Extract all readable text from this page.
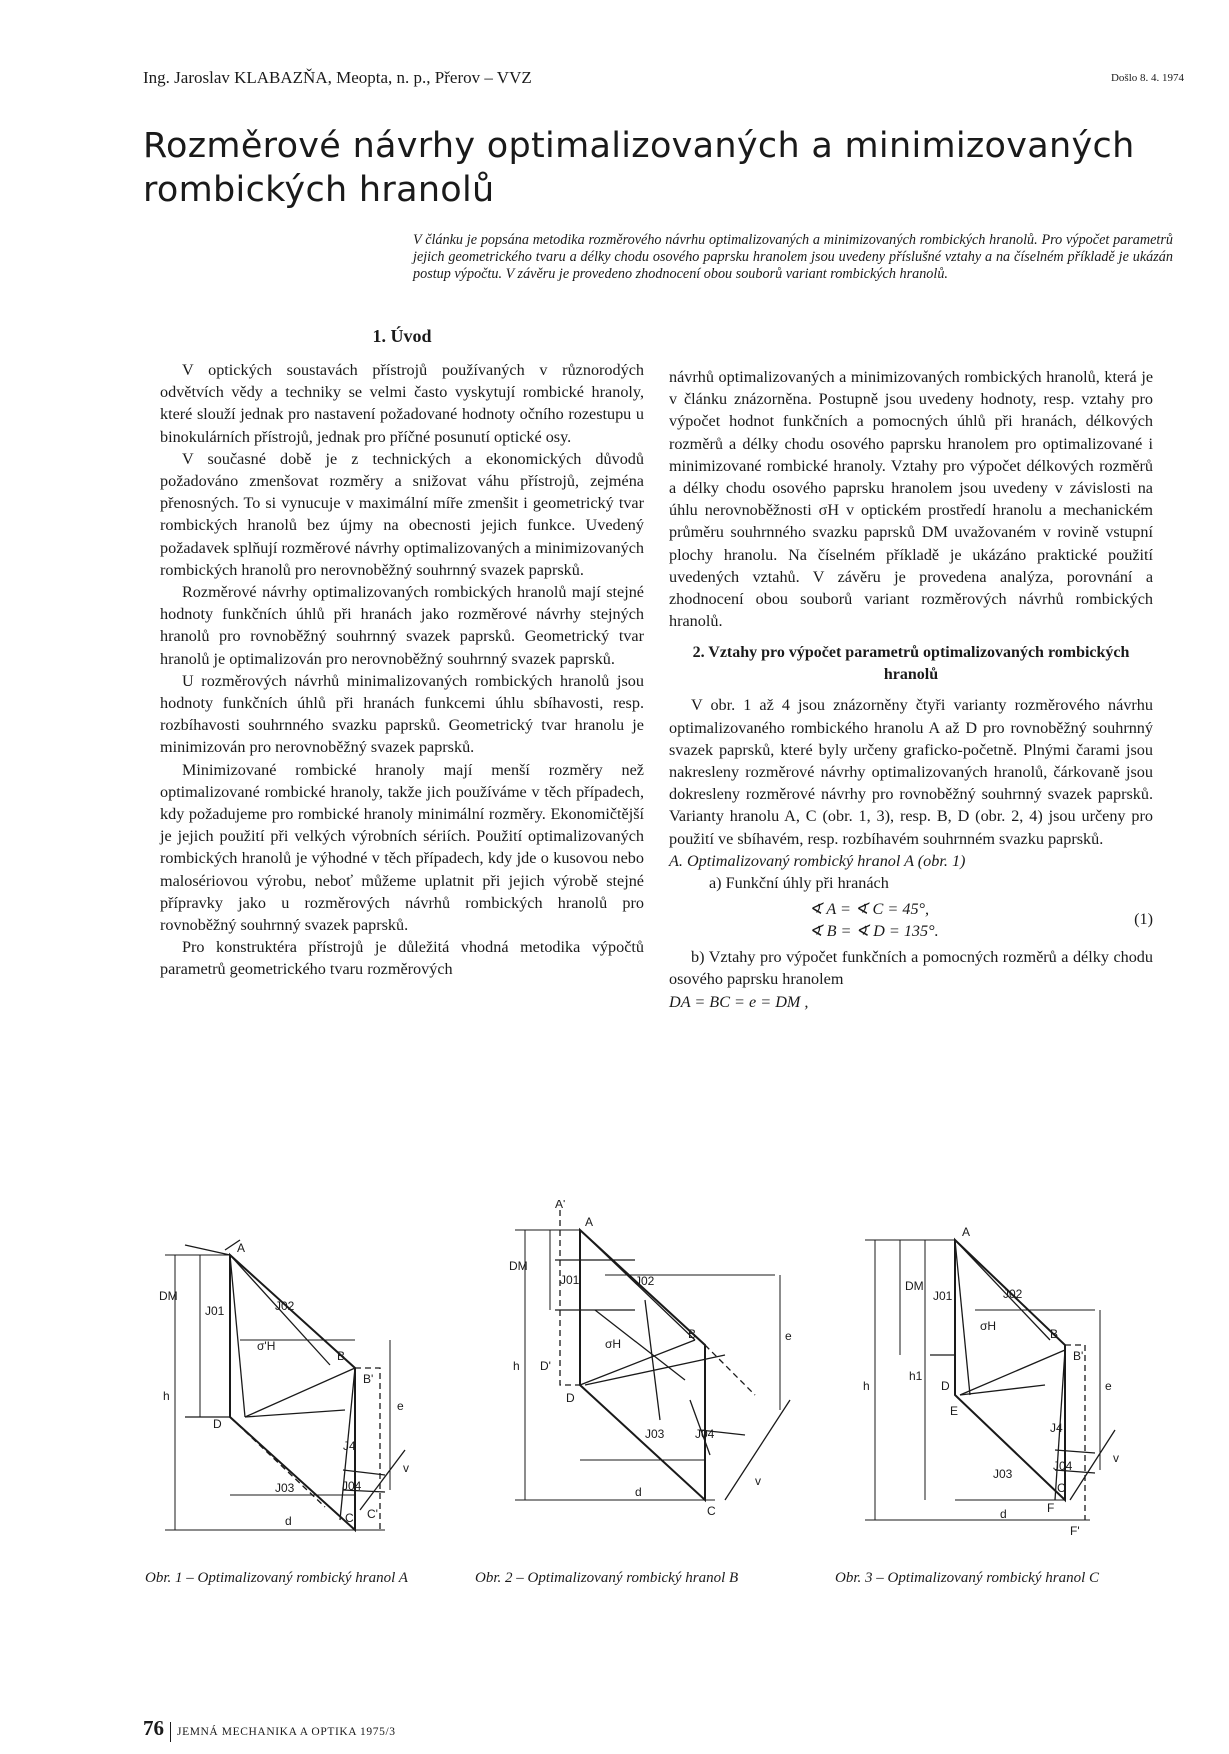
Ing. Jaroslav KLABAZŇA, Meopta, n. p., Přerov – VVZ	Došlo 8. 4. 1974
Rozměrové návrhy optimalizovaných a minimizovaných rombických hranolů

V článku je popsána metodika rozměrového návrhu optimalizovaných a minimizovaných rombických hranolů. Pro výpočet parametrů jejich geometrického tvaru a délky chodu osového paprsku hranolem jsou uvedeny příslušné vztahy a na číselném příkladě je ukázán postup výpočtu. V závěru je provedeno zhodnocení obou souborů variant rombických hranolů.

1. Úvod

V optických soustavách přístrojů používaných v různorodých odvětvích vědy a techniky se velmi často vyskytují rombické hranoly, které slouží jednak pro nastavení požadované hodnoty očního rozestupu u binokulárních přístrojů, jednak pro příčné posunutí optické osy.

V současné době je z technických a ekonomických důvodů požadováno zmenšovat rozměry a snižovat váhu přístrojů, zejména přenosných. To si vynucuje v maximální míře zmenšit i geometrický tvar rombických hranolů bez újmy na obecnosti jejich funkce. Uvedený požadavek splňují rozměrové návrhy optimalizovaných a minimizovaných rombických hranolů pro nerovnoběžný souhrnný svazek paprsků.

Rozměrové návrhy optimalizovaných rombických hranolů mají stejné hodnoty funkčních úhlů při hranách jako rozměrové návrhy stejných hranolů pro rovnoběžný souhrnný svazek paprsků. Geometrický tvar hranolů je optimalizován pro nerovnoběžný souhrnný svazek paprsků.

U rozměrových návrhů minimalizovaných rombických hranolů jsou hodnoty funkčních úhlů při hranách funkcemi úhlu sbíhavosti, resp. rozbíhavosti souhrnného svazku paprsků. Geometrický tvar hranolu je minimizován pro nerovnoběžný svazek paprsků.

Minimizované rombické hranoly mají menší rozměry než optimalizované rombické hranoly, takže jich používáme v těch případech, kdy požadujeme pro rombické hranoly minimální rozměry. Ekonomičtější je jejich použití při velkých výrobních sériích. Použití optimalizovaných rombických hranolů je výhodné v těch případech, kdy jde o kusovou nebo malosériovou výrobu, neboť můžeme uplatnit při jejich výrobě stejné přípravky jako u rozměrových návrhů rombických hranolů pro rovnoběžný souhrnný svazek paprsků.

Pro konstruktéra přístrojů je důležitá vhodná metodika výpočtů parametrů geometrického tvaru rozměrových

návrhů optimalizovaných a minimizovaných rombických hranolů, která je v článku znázorněna. Postupně jsou uvedeny hodnoty, resp. vztahy pro výpočet hodnot funkčních a pomocných úhlů při hranách, délkových rozměrů a délky chodu osového paprsku hranolem pro optimalizované i minimizované rombické hranoly. Vztahy pro výpočet délkových rozměrů a délky chodu osového paprsku hranolem jsou uvedeny v závislosti na úhlu nerovnoběžnosti σH v optickém prostředí hranolu a mechanickém průměru souhrnného svazku paprsků DM uvažovaném v rovině vstupní plochy hranolu. Na číselném příkladě je ukázáno praktické použití uvedených vztahů. V závěru je provedena analýza, porovnání a zhodnocení obou souborů variant rozměrových návrhů rombických hranolů.

2. Vztahy pro výpočet parametrů optimalizovaných rombických hranolů

V obr. 1 až 4 jsou znázorněny čtyři varianty rozměrového návrhu optimalizovaného rombického hranolu A až D pro rovnoběžný souhrnný svazek paprsků, které byly určeny graficko-početně. Plnými čarami jsou nakresleny rozměrové návrhy optimalizovaných hranolů, čárkovaně jsou dokresleny rozměrové návrhy pro rovnoběžný souhrnný svazek paprsků. Varianty hranolu A, C (obr. 1, 3), resp. B, D (obr. 2, 4) jsou určeny pro použití ve sbíhavém, resp. rozbíhavém souhrnném svazku paprsků.

A. Optimalizovaný rombický hranol A (obr. 1)

a) Funkční úhly při hranách

∢ A = ∢ C = 45°,
∢ B = ∢ D = 135°.
(1)

b) Vztahy pro výpočet funkčních a pomocných rozměrů a délky chodu osového paprsku hranolem

DA = BC = e = DM ,

A
B
B'
C C'
D
J01	J02
J03	J04
J4
DM
h
d
e
σ'H
v
Obr. 1 – Optimalizovaný rombický hranol A
A
A'
B
D
D'
C
J01	J02
J03	J04
DM
h
d
e
σH
v
Obr. 2 – Optimalizovaný rombický hranol B
A
B
B'
C
D
E
F
F'
J01	J02
J03
J04
J4
DM
h
h1
d
e
σH
v
Obr. 3 – Optimalizovaný rombický hranol C
76 JEMNÁ MECHANIKA A OPTIKA 1975/3
